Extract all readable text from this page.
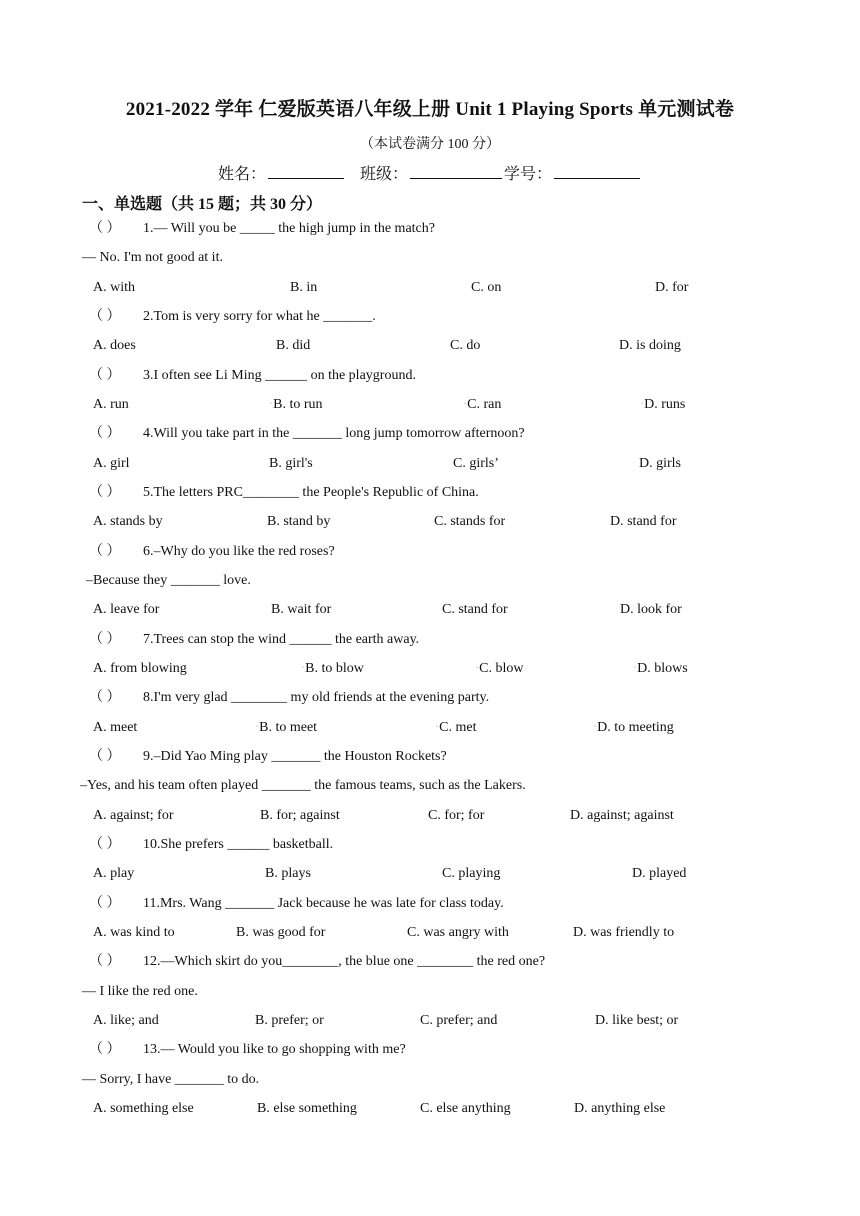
2021-2022 学年 仁爱版英语八年级上册 Unit 1 Playing Sports 单元测试卷
（本试卷满分 100 分）
姓名：	班级：	学号：
一、单选题（共 15 题；共 30 分）
（ ） 1.— Will you be _____ the high jump in the match?
— No. I'm not good at it.
A. with	B. in	C. on	D. for
（ ） 2.Tom is very sorry for what he _______.
A. does	B. did	C. do	D. is doing
（ ） 3.I often see Li Ming ______ on the playground.
A. run	◦B. to run	◦C. ran	◦D. runs
（ ） 4.Will you take part in the _______ long jump tomorrow afternoon?
A. girl	B. girl's	C. girls’	D. girls
（ ） 5.The letters PRC________ the People's Republic of China.
A. stands by	B. stand by	C. stands for	D. stand for
（ ） 6.–Why do you like the red roses?
–Because they _______ love.
A. leave for	B. wait for	C. stand for	D. look for
（ ） 7.Trees can stop the wind ______ the earth away.
A. from blowing	◦B. to blow	◦C. blow	◦D. blows
（ ） 8.I'm very glad ________ my old friends at the evening party.
A. meet	◦B. to meet	◦C. met	◦D. to meeting
（ ） 9.–Did Yao Ming play _______ the Houston Rockets?
–Yes, and his team often played _______ the famous teams, such as the Lakers.
A. against; for	B. for; against	C. for; for	D. against; against
（ ） 10.She prefers ______ basketball.
A. play	B. plays	C. playing	D. played
（ ） 11.Mrs. Wang _______ Jack because he was late for class today.
A. was kind to	B. was good for	C. was angry with	D. was friendly to
（ ） 12.—Which skirt do you________, the blue one ________ the red one?
— I like the red one.
A. like; and	B. prefer; or	C. prefer; and	D. like best; or
（ ） 13.— Would you like to go shopping with me?
— Sorry, I have _______ to do.
A. something else	B. else something	C. else anything	D. anything else
